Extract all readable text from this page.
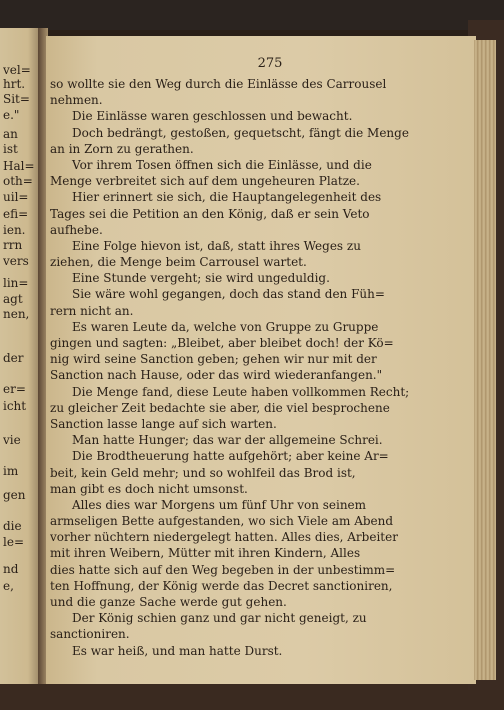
vel=
hrt.
Sit=
e."
an
ist
Hal=
oth=
uil=
efi=
ien.
rrn
vers
lin=
agt
nen,
der
er=
icht
vie
im
gen
die
le=
nd
e,
275
so wollte sie den Weg durch die Einlässe des Carrousel
nehmen.
Die Einlässe waren geschlossen und bewacht.
Doch bedrängt, gestoßen, gequetscht, fängt die Menge
an in Zorn zu gerathen.
Vor ihrem Tosen öffnen sich die Einlässe, und die
Menge verbreitet sich auf dem ungeheuren Platze.
Hier erinnert sie sich, die Hauptangelegenheit des
Tages sei die Petition an den König, daß er sein Veto
aufhebe.
Eine Folge hievon ist, daß, statt ihres Weges zu
ziehen, die Menge beim Carrousel wartet.
Eine Stunde vergeht; sie wird ungeduldig.
Sie wäre wohl gegangen, doch das stand den Füh=
rern nicht an.
Es waren Leute da, welche von Gruppe zu Gruppe
gingen und sagten: „Bleibet, aber bleibet doch! der Kö=
nig wird seine Sanction geben; gehen wir nur mit der
Sanction nach Hause, oder das wird wiederanfangen."
Die Menge fand, diese Leute haben vollkommen Recht;
zu gleicher Zeit bedachte sie aber, die viel besprochene
Sanction lasse lange auf sich warten.
Man hatte Hunger; das war der allgemeine Schrei.
Die Brodtheuerung hatte aufgehört; aber keine Ar=
beit, kein Geld mehr; und so wohlfeil das Brod ist,
man gibt es doch nicht umsonst.
Alles dies war Morgens um fünf Uhr von seinem
armseligen Bette aufgestanden, wo sich Viele am Abend
vorher nüchtern niedergelegt hatten. Alles dies, Arbeiter
mit ihren Weibern, Mütter mit ihren Kindern, Alles
dies hatte sich auf den Weg begeben in der unbestimm=
ten Hoffnung, der König werde das Decret sanctioniren,
und die ganze Sache werde gut gehen.
Der König schien ganz und gar nicht geneigt, zu
sanctioniren.
Es war heiß, und man hatte Durst.
